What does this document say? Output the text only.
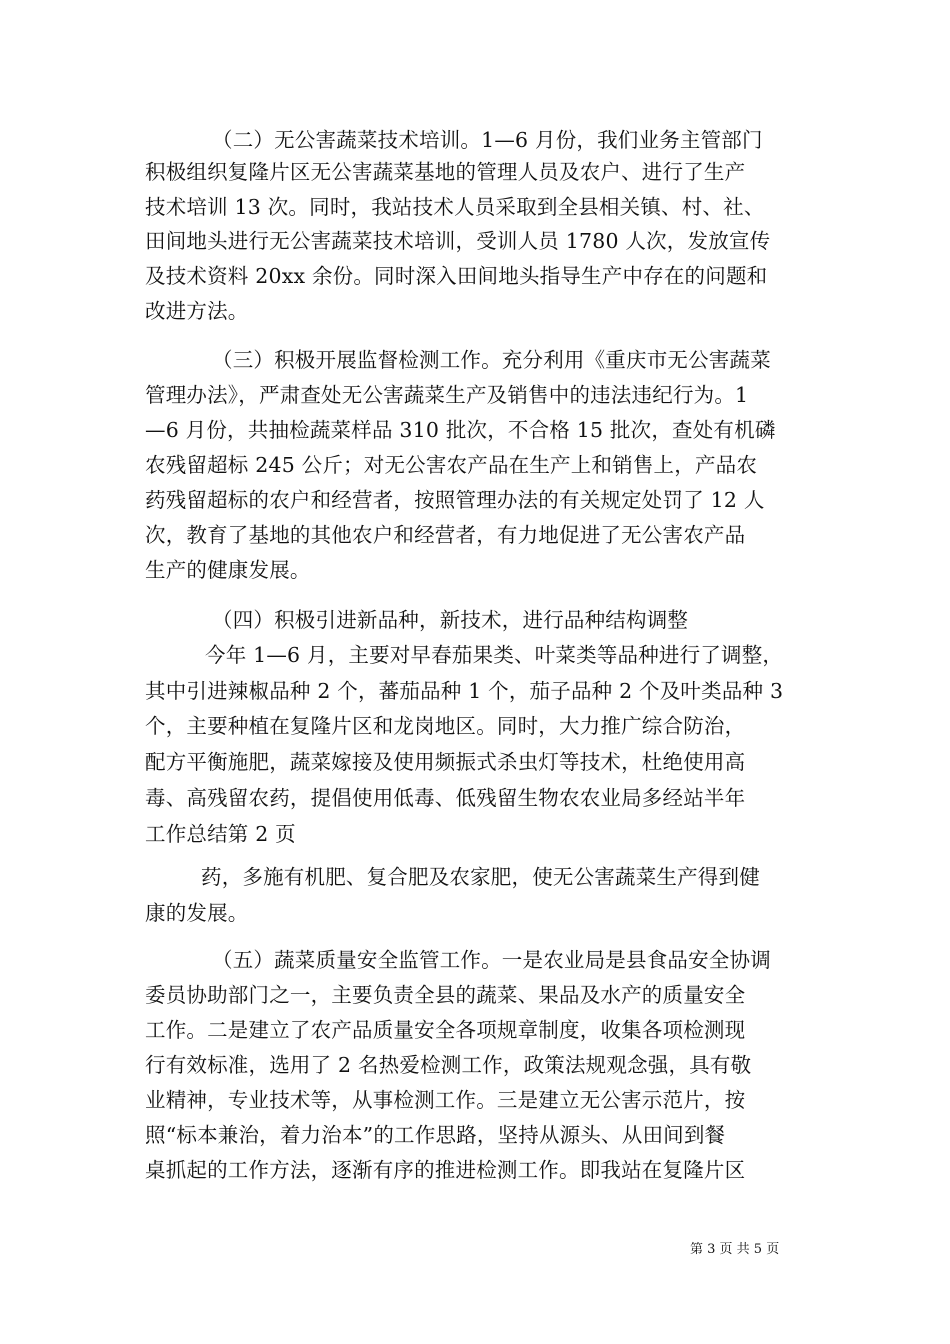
（二）无公害蔬菜技术培训。1—6 月份，我们业务主管部门
积极组织复隆片区无公害蔬菜基地的管理人员及农户、进行了生产
技术培训 13 次。同时，我站技术人员采取到全县相关镇、村、社、
田间地头进行无公害蔬菜技术培训，受训人员 1780 人次，发放宣传
及技术资料 20xx 余份。同时深入田间地头指导生产中存在的问题和
改进方法。
（三）积极开展监督检测工作。充分利用《重庆市无公害蔬菜
管理办法》，严肃查处无公害蔬菜生产及销售中的违法违纪行为。1
—6 月份，共抽检蔬菜样品 310 批次，不合格 15 批次，查处有机磷
农残留超标 245 公斤；对无公害农产品在生产上和销售上，产品农
药残留超标的农户和经营者，按照管理办法的有关规定处罚了 12 人
次，教育了基地的其他农户和经营者，有力地促进了无公害农产品
生产的健康发展。
（四）积极引进新品种，新技术，进行品种结构调整
今年 1—6 月，主要对早春茄果类、叶菜类等品种进行了调整，
其中引进辣椒品种 2 个，蕃茄品种 1 个，茄子品种 2 个及叶类品种 3
个，主要种植在复隆片区和龙岗地区。同时，大力推广综合防治，
配方平衡施肥，蔬菜嫁接及使用频振式杀虫灯等技术，杜绝使用高
毒、高残留农药，提倡使用低毒、低残留生物农农业局多经站半年
工作总结第 2 页
药，多施有机肥、复合肥及农家肥，使无公害蔬菜生产得到健
康的发展。
（五）蔬菜质量安全监管工作。一是农业局是县食品安全协调
委员协助部门之一，主要负责全县的蔬菜、果品及水产的质量安全
工作。二是建立了农产品质量安全各项规章制度，收集各项检测现
行有效标准，选用了 2 名热爱检测工作，政策法规观念强，具有敬
业精神，专业技术等，从事检测工作。三是建立无公害示范片，按
照“标本兼治，着力治本”的工作思路，坚持从源头、从田间到餐
桌抓起的工作方法，逐渐有序的推进检测工作。即我站在复隆片区
第 3 页 共 5 页
